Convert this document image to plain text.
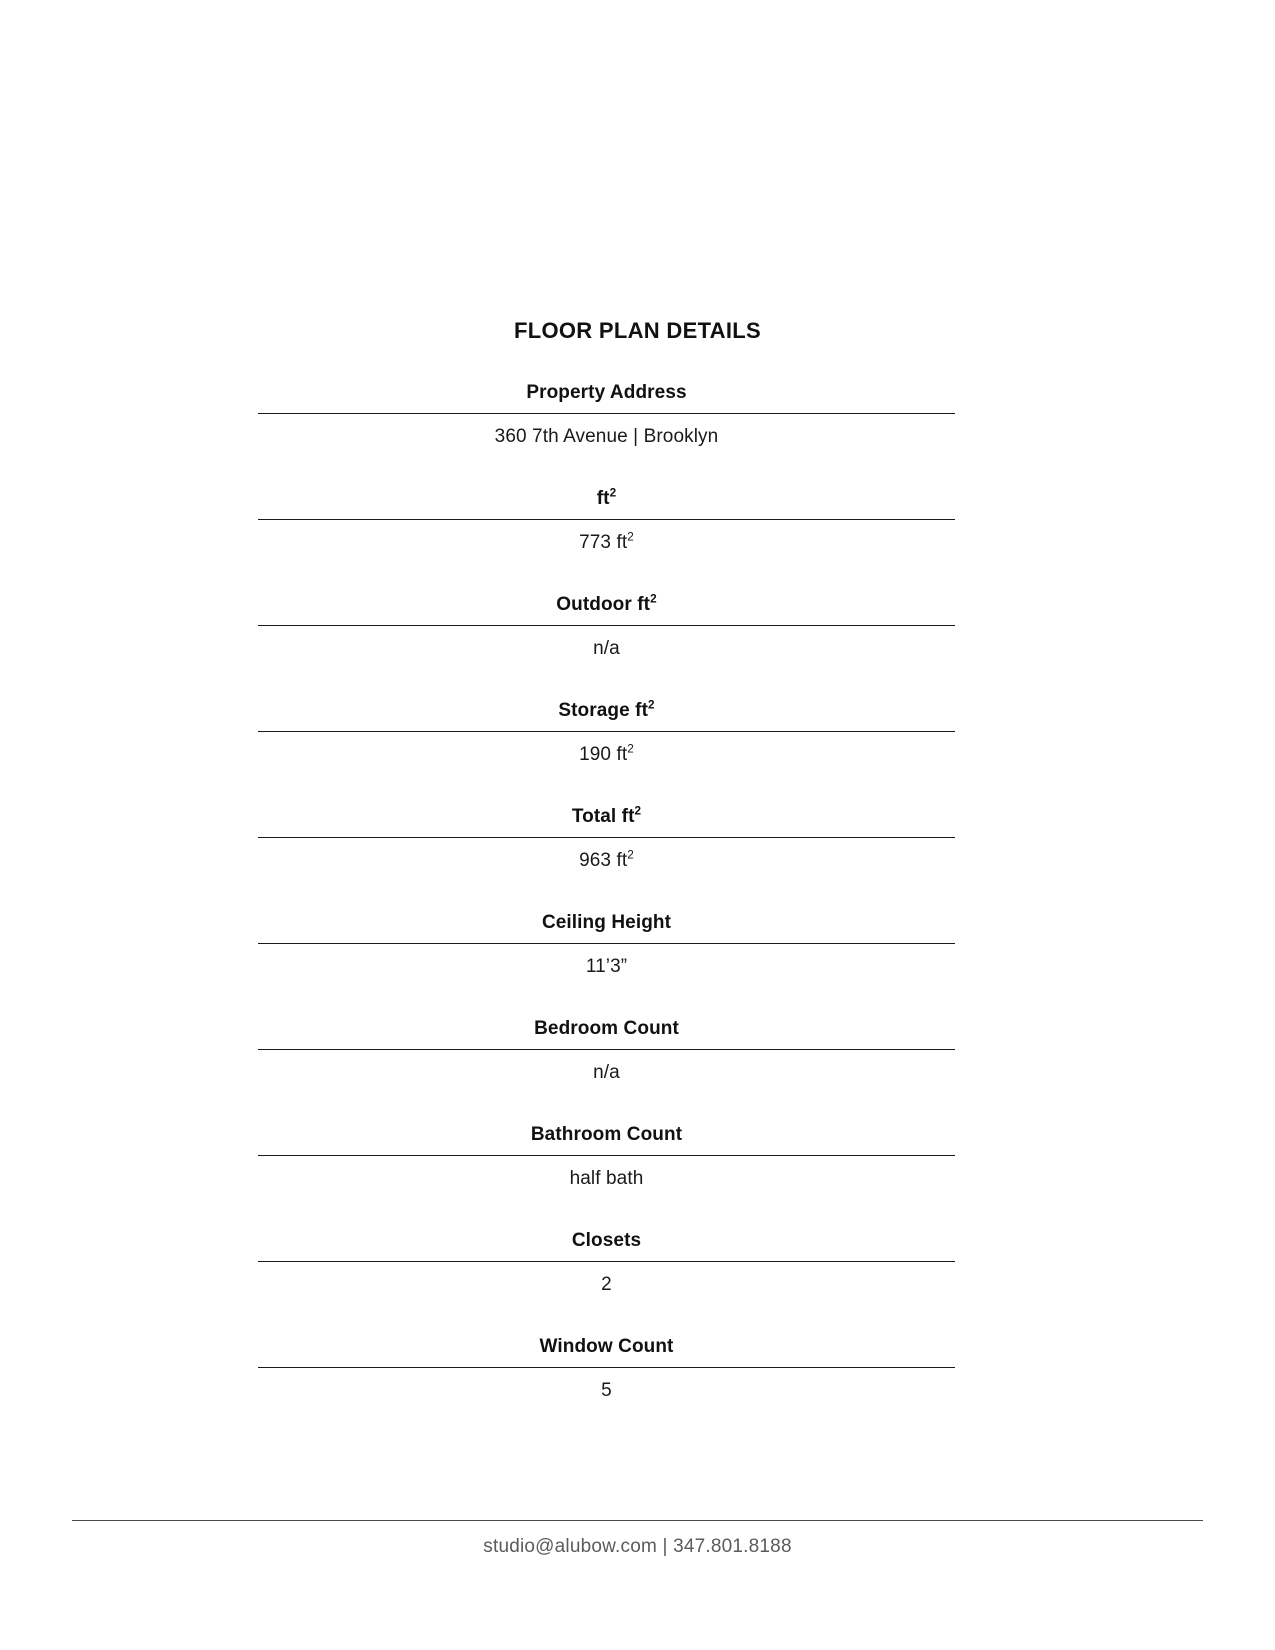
FLOOR PLAN DETAILS
Property Address
360 7th Avenue | Brooklyn
$ft^2$
773 $ft^2$
Outdoor $ft^2$
n/a
Storage $ft^2$
190 $ft^2$
Total $ft^2$
963 $ft^2$
Ceiling Height
11’3”
Bedroom Count
n/a
Bathroom Count
half bath
Closets
2
Window Count
5
studio@alubow.com | 347.801.8188
